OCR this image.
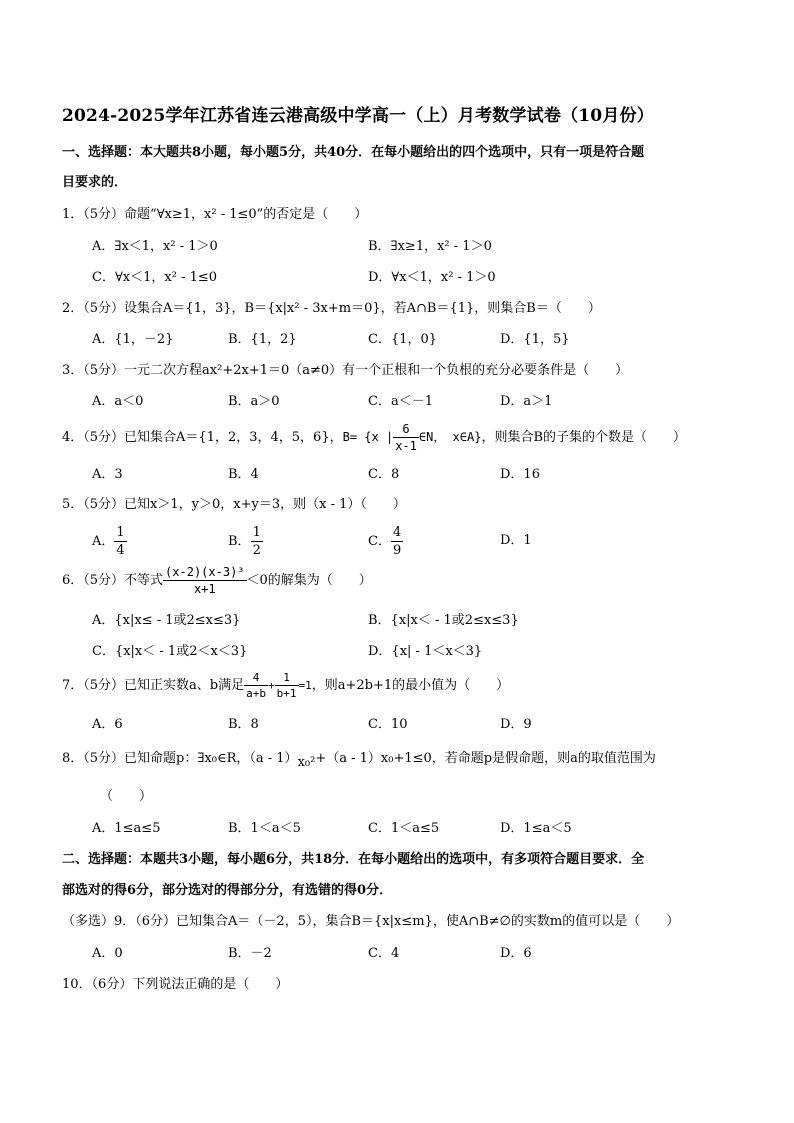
2024-2025学年江苏省连云港高级中学高一（上）月考数学试卷（10月份）
一、选择题：本大题共8小题，每小题5分，共40分．在每小题给出的四个选项中，只有一项是符合题
目要求的．
1．（5分）命题“∀x≥1，x² - 1≤0”的否定是（　　）
A．∃x＜1，x² - 1＞0	B．∃x≥1，x² - 1＞0
C．∀x＜1，x² - 1≤0	D．∀x＜1，x² - 1＞0
2．（5分）设集合A＝{1，3}，B＝{x|x² - 3x+m＝0}，若A∩B＝{1}，则集合B＝（　　）
A．{1，－2}	B．{1，2}	C．{1，0}	D．{1，5}
3．（5分）一元二次方程ax²+2x+1＝0（a≠0）有一个正根和一个负根的充分必要条件是（　　）
A．a＜0	B．a＞0	C．a＜－1	D．a＞1
4．（5分）已知集合A＝{1，2，3，4，5，6}，B= {x | $\frac{6}{x-1}$ ∈N， x∈A}，则集合B的子集的个数是（　　）
A．3	B．4	C．8	D．16
5．（5分）已知x＞1，y＞0，x+y＝3，则（x - 1）（　　）
A． $\frac{1}{4}$	B． $\frac{1}{2}$	C． $\frac{4}{9}$	D．1
6．（5分）不等式 $\frac{\text{(x-2)(x-3)³}}{x+1} <0$的解集为（　　）
A．{x|x≤ - 1或2≤x≤3}	B．{x|x＜ - 1或2≤x≤3}
C．{x|x＜ - 1或2＜x＜3}	D．{x| - 1＜x＜3}
7．（5分）已知正实数a、b满足 $\frac{4}{a+b} + \frac{1}{b+1} =1$，则a+2b+1的最小值为（　　）
A．6	B．8	C．10	D．9
8．（5分）已知命题p：∃x₀∈R，（a - 1）x₀²+（a - 1）x₀+1≤0，若命题p是假命题，则a的取值范围为
（　　）
A．1≤a≤5	B．1＜a＜5	C．1＜a≤5	D．1≤a＜5
二、选择题：本题共3小题，每小题6分，共18分．在每小题给出的选项中，有多项符合题目要求．全
部选对的得6分，部分选对的得部分分，有选错的得0分．
（多选）9．（6分）已知集合A＝（－2，5），集合B＝{x|x≤m}，使A∩B≠∅的实数m的值可以是（　　）
A．0	B．－2	C．4	D．6
10．（6分）下列说法正确的是（　　）
